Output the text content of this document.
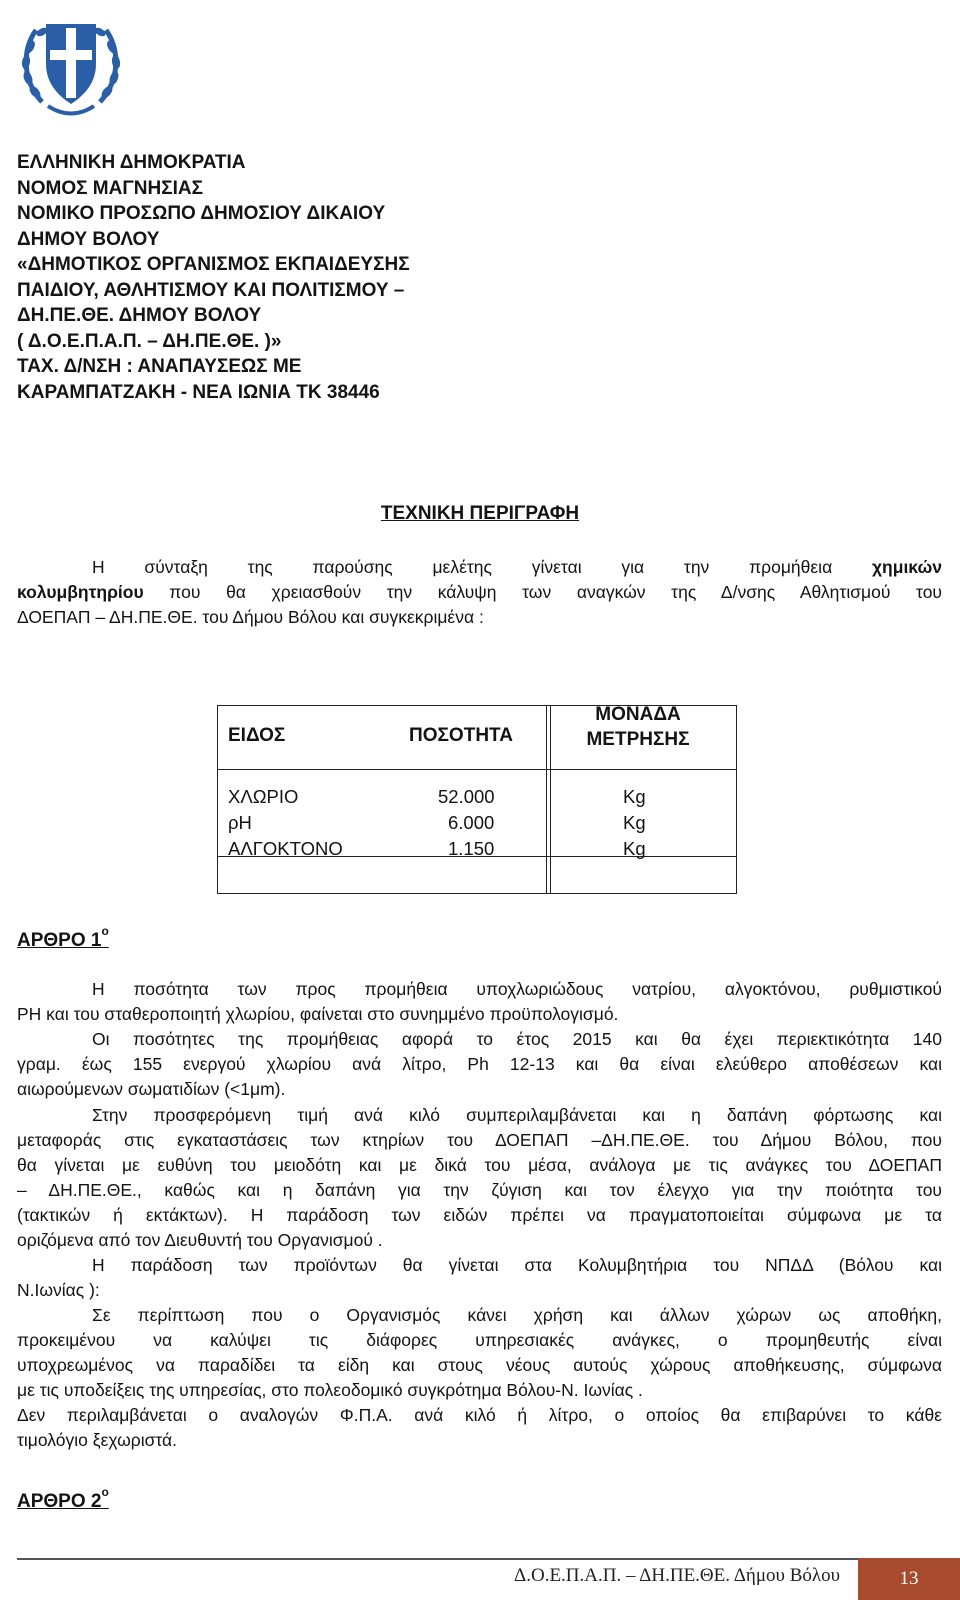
ΕΛΛΗΝΙΚΗ ΔΗΜΟΚΡΑΤΙΑ
ΝΟΜΟΣ ΜΑΓΝΗΣΙΑΣ
ΝΟΜΙΚΟ ΠΡΟΣΩΠΟ ΔΗΜΟΣΙΟΥ ΔΙΚΑΙΟΥ
ΔΗΜΟΥ ΒΟΛΟΥ
«ΔΗΜΟΤΙΚΟΣ ΟΡΓΑΝΙΣΜΟΣ ΕΚΠΑΙΔΕΥΣΗΣ
ΠΑΙΔΙΟΥ, ΑΘΛΗΤΙΣΜΟΥ ΚΑΙ ΠΟΛΙΤΙΣΜΟΥ –
ΔΗ.ΠΕ.ΘΕ. ΔΗΜΟΥ ΒΟΛΟΥ
( Δ.Ο.Ε.Π.Α.Π. – ΔΗ.ΠΕ.ΘΕ. )»
ΤΑΧ. Δ/ΝΣΗ : ΑΝΑΠΑΥΣΕΩΣ ΜΕ
ΚΑΡΑΜΠΑΤΖΑΚΗ - ΝΕΑ ΙΩΝΙΑ ΤΚ 38446
ΤΕΧΝΙΚΗ ΠΕΡΙΓΡΑΦΗ
Η σύνταξη της παρούσης μελέτης γίνεται για την προμήθεια χημικών
κολυμβητηρίου που θα χρειασθούν την κάλυψη των αναγκών της Δ/νσης Αθλητισμού του
ΔΟΕΠΑΠ – ΔΗ.ΠΕ.ΘΕ. του Δήμου Βόλου και συγκεκριμένα :
ΕΙΔΟΣ	ΠΟΣΟΤΗΤΑ
ΜΟΝΑΔΑ
ΜΕΤΡΗΣΗΣ
ΧΛΩΡΙΟ	52.000	Kg
ρΗ	6.000	Kg
ΑΛΓΟΚΤΟΝΟ	1.150	Kg
ΑΡΘΡΟ $1^o$
Η ποσότητα των προς προμήθεια υποχλωριώδους νατρίου, αλγοκτόνου, ρυθμιστικού
PH και του σταθεροποιητή χλωρίου, φαίνεται στο συνημμένο προϋπολογισμό.
Οι ποσότητες της προμήθειας αφορά το έτος 2015 και θα έχει περιεκτικότητα 140
γραμ. έως 155 ενεργού χλωρίου ανά λίτρο, Ph 12-13 και θα είναι ελεύθερο αποθέσεων και
αιωρούμενων σωματιδίων (<1μm).
Στην προσφερόμενη τιμή ανά κιλό συμπεριλαμβάνεται και η δαπάνη φόρτωσης και
μεταφοράς στις εγκαταστάσεις των κτηρίων του ΔΟΕΠΑΠ –ΔΗ.ΠΕ.ΘΕ. του Δήμου Βόλου, που
θα γίνεται με ευθύνη του μειοδότη και με δικά του μέσα, ανάλογα με τις ανάγκες του ΔΟΕΠΑΠ
– ΔΗ.ΠΕ.ΘΕ., καθώς και η δαπάνη για την ζύγιση και τον έλεγχο για την ποιότητα του
(τακτικών ή εκτάκτων). Η παράδοση των ειδών πρέπει να πραγματοποιείται σύμφωνα με τα
οριζόμενα από τον Διευθυντή του Οργανισμού .
Η παράδοση των προϊόντων θα γίνεται στα Κολυμβητήρια του ΝΠΔΔ (Βόλου και
Ν.Ιωνίας ):
Σε περίπτωση που ο Οργανισμός κάνει χρήση και άλλων χώρων ως αποθήκη,
προκειμένου να καλύψει τις διάφορες υπηρεσιακές ανάγκες, ο προμηθευτής είναι
υποχρεωμένος να παραδίδει τα είδη και στους νέους αυτούς χώρους αποθήκευσης, σύμφωνα
με τις υποδείξεις της υπηρεσίας, στο πολεοδομικό συγκρότημα Βόλου-Ν. Ιωνίας .
Δεν περιλαμβάνεται ο αναλογών Φ.Π.Α. ανά κιλό ή λίτρο, ο οποίος θα επιβαρύνει το κάθε
τιμολόγιο ξεχωριστά.
ΑΡΘΡΟ $2^o$
Δ.Ο.Ε.Π.Α.Π. – ΔΗ.ΠΕ.ΘΕ. Δήμου Βόλου	13
